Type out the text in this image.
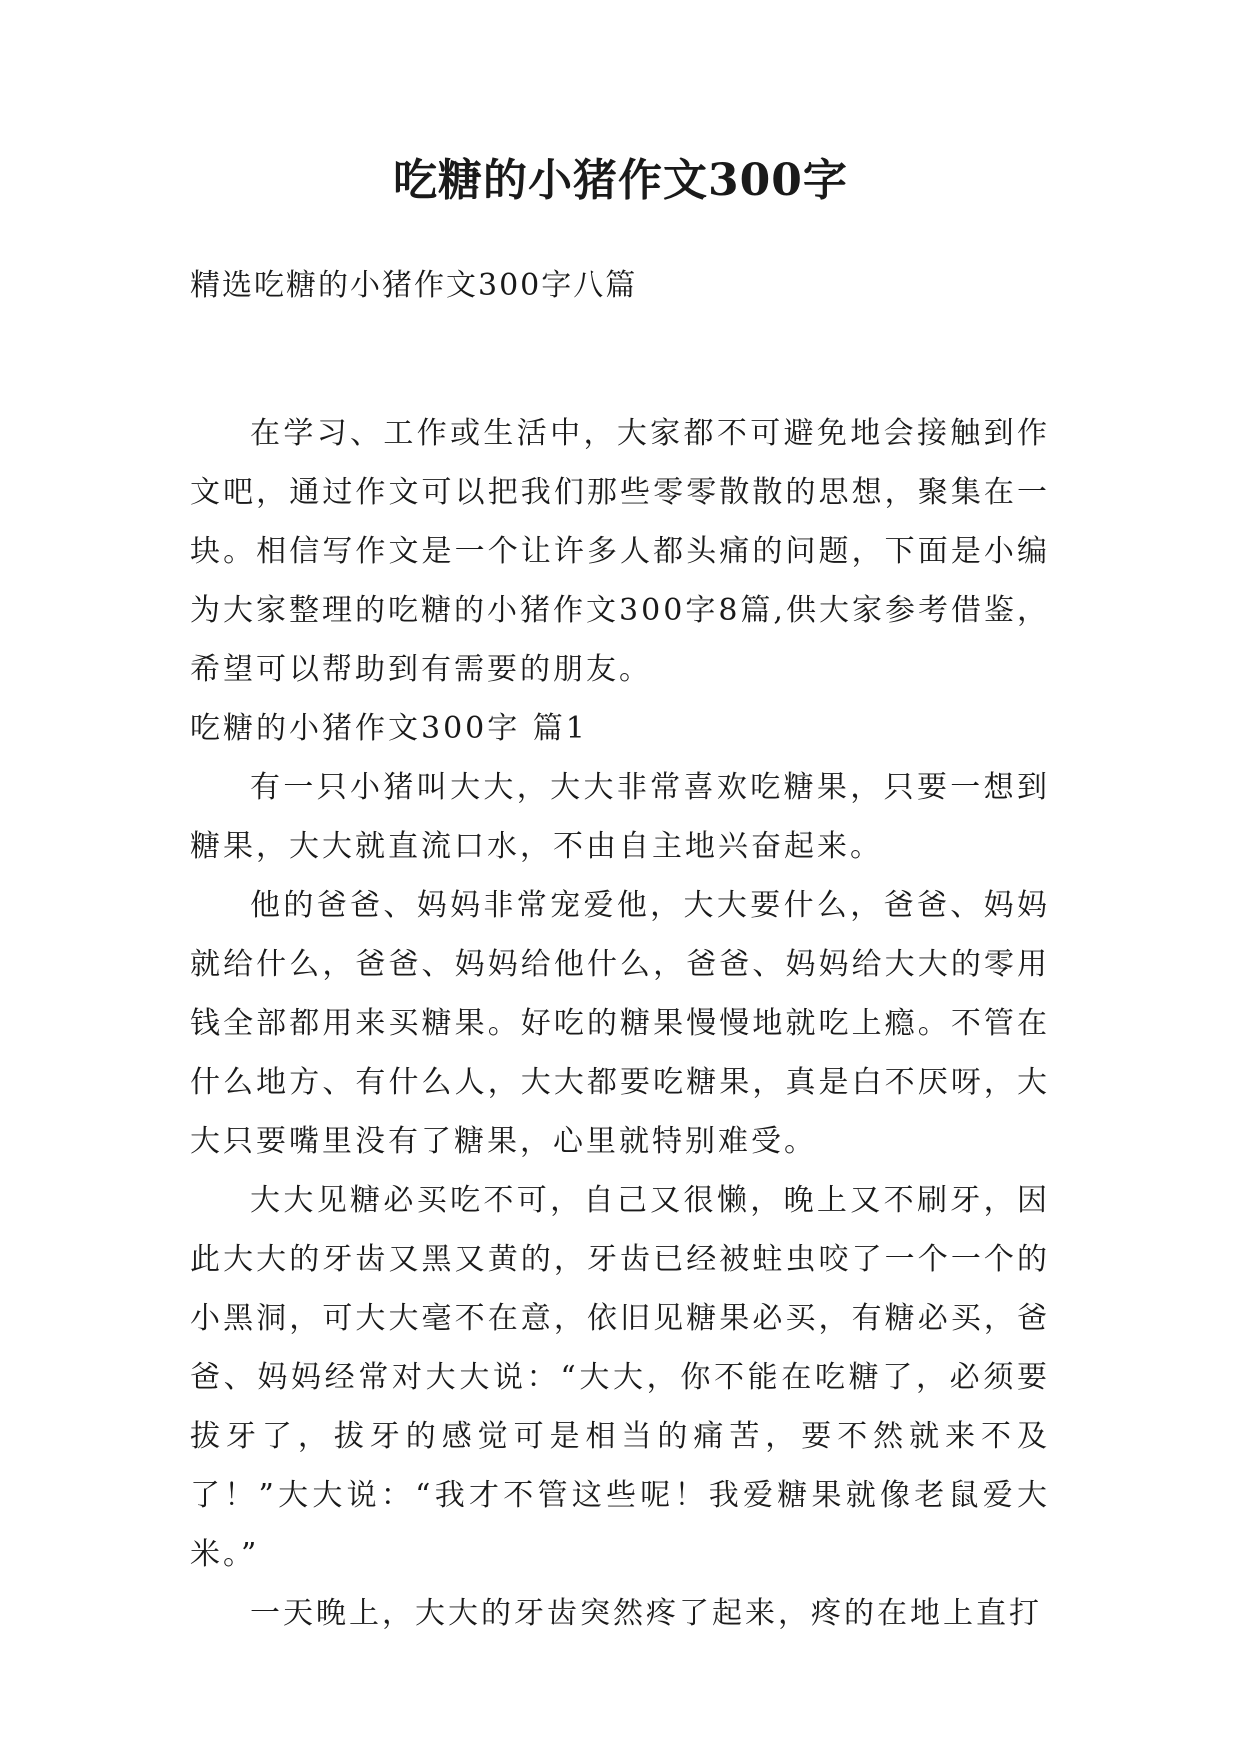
吃糖的小猪作文300字
精选吃糖的小猪作文300字八篇

在学习、工作或生活中，大家都不可避免地会接触到作文吧，通过作文可以把我们那些零零散散的思想，聚集在一块。相信写作文是一个让许多人都头痛的问题，下面是小编为大家整理的吃糖的小猪作文300字8篇,供大家参考借鉴，希望可以帮助到有需要的朋友。

吃糖的小猪作文300字 篇1

有一只小猪叫大大，大大非常喜欢吃糖果，只要一想到糖果，大大就直流口水，不由自主地兴奋起来。

他的爸爸、妈妈非常宠爱他，大大要什么，爸爸、妈妈就给什么，爸爸、妈妈给他什么，爸爸、妈妈给大大的零用钱全部都用来买糖果。好吃的糖果慢慢地就吃上瘾。不管在什么地方、有什么人，大大都要吃糖果，真是白不厌呀，大大只要嘴里没有了糖果，心里就特别难受。

大大见糖必买吃不可，自己又很懒，晚上又不刷牙，因此大大的牙齿又黑又黄的，牙齿已经被蛀虫咬了一个一个的小黑洞，可大大毫不在意，依旧见糖果必买，有糖必买，爸爸、妈妈经常对大大说：“大大，你不能在吃糖了，必须要拔牙了，拔牙的感觉可是相当的痛苦，要不然就来不及了！”大大说：“我才不管这些呢！我爱糖果就像老鼠爱大米。”

一天晚上，大大的牙齿突然疼了起来，疼的在地上直打
